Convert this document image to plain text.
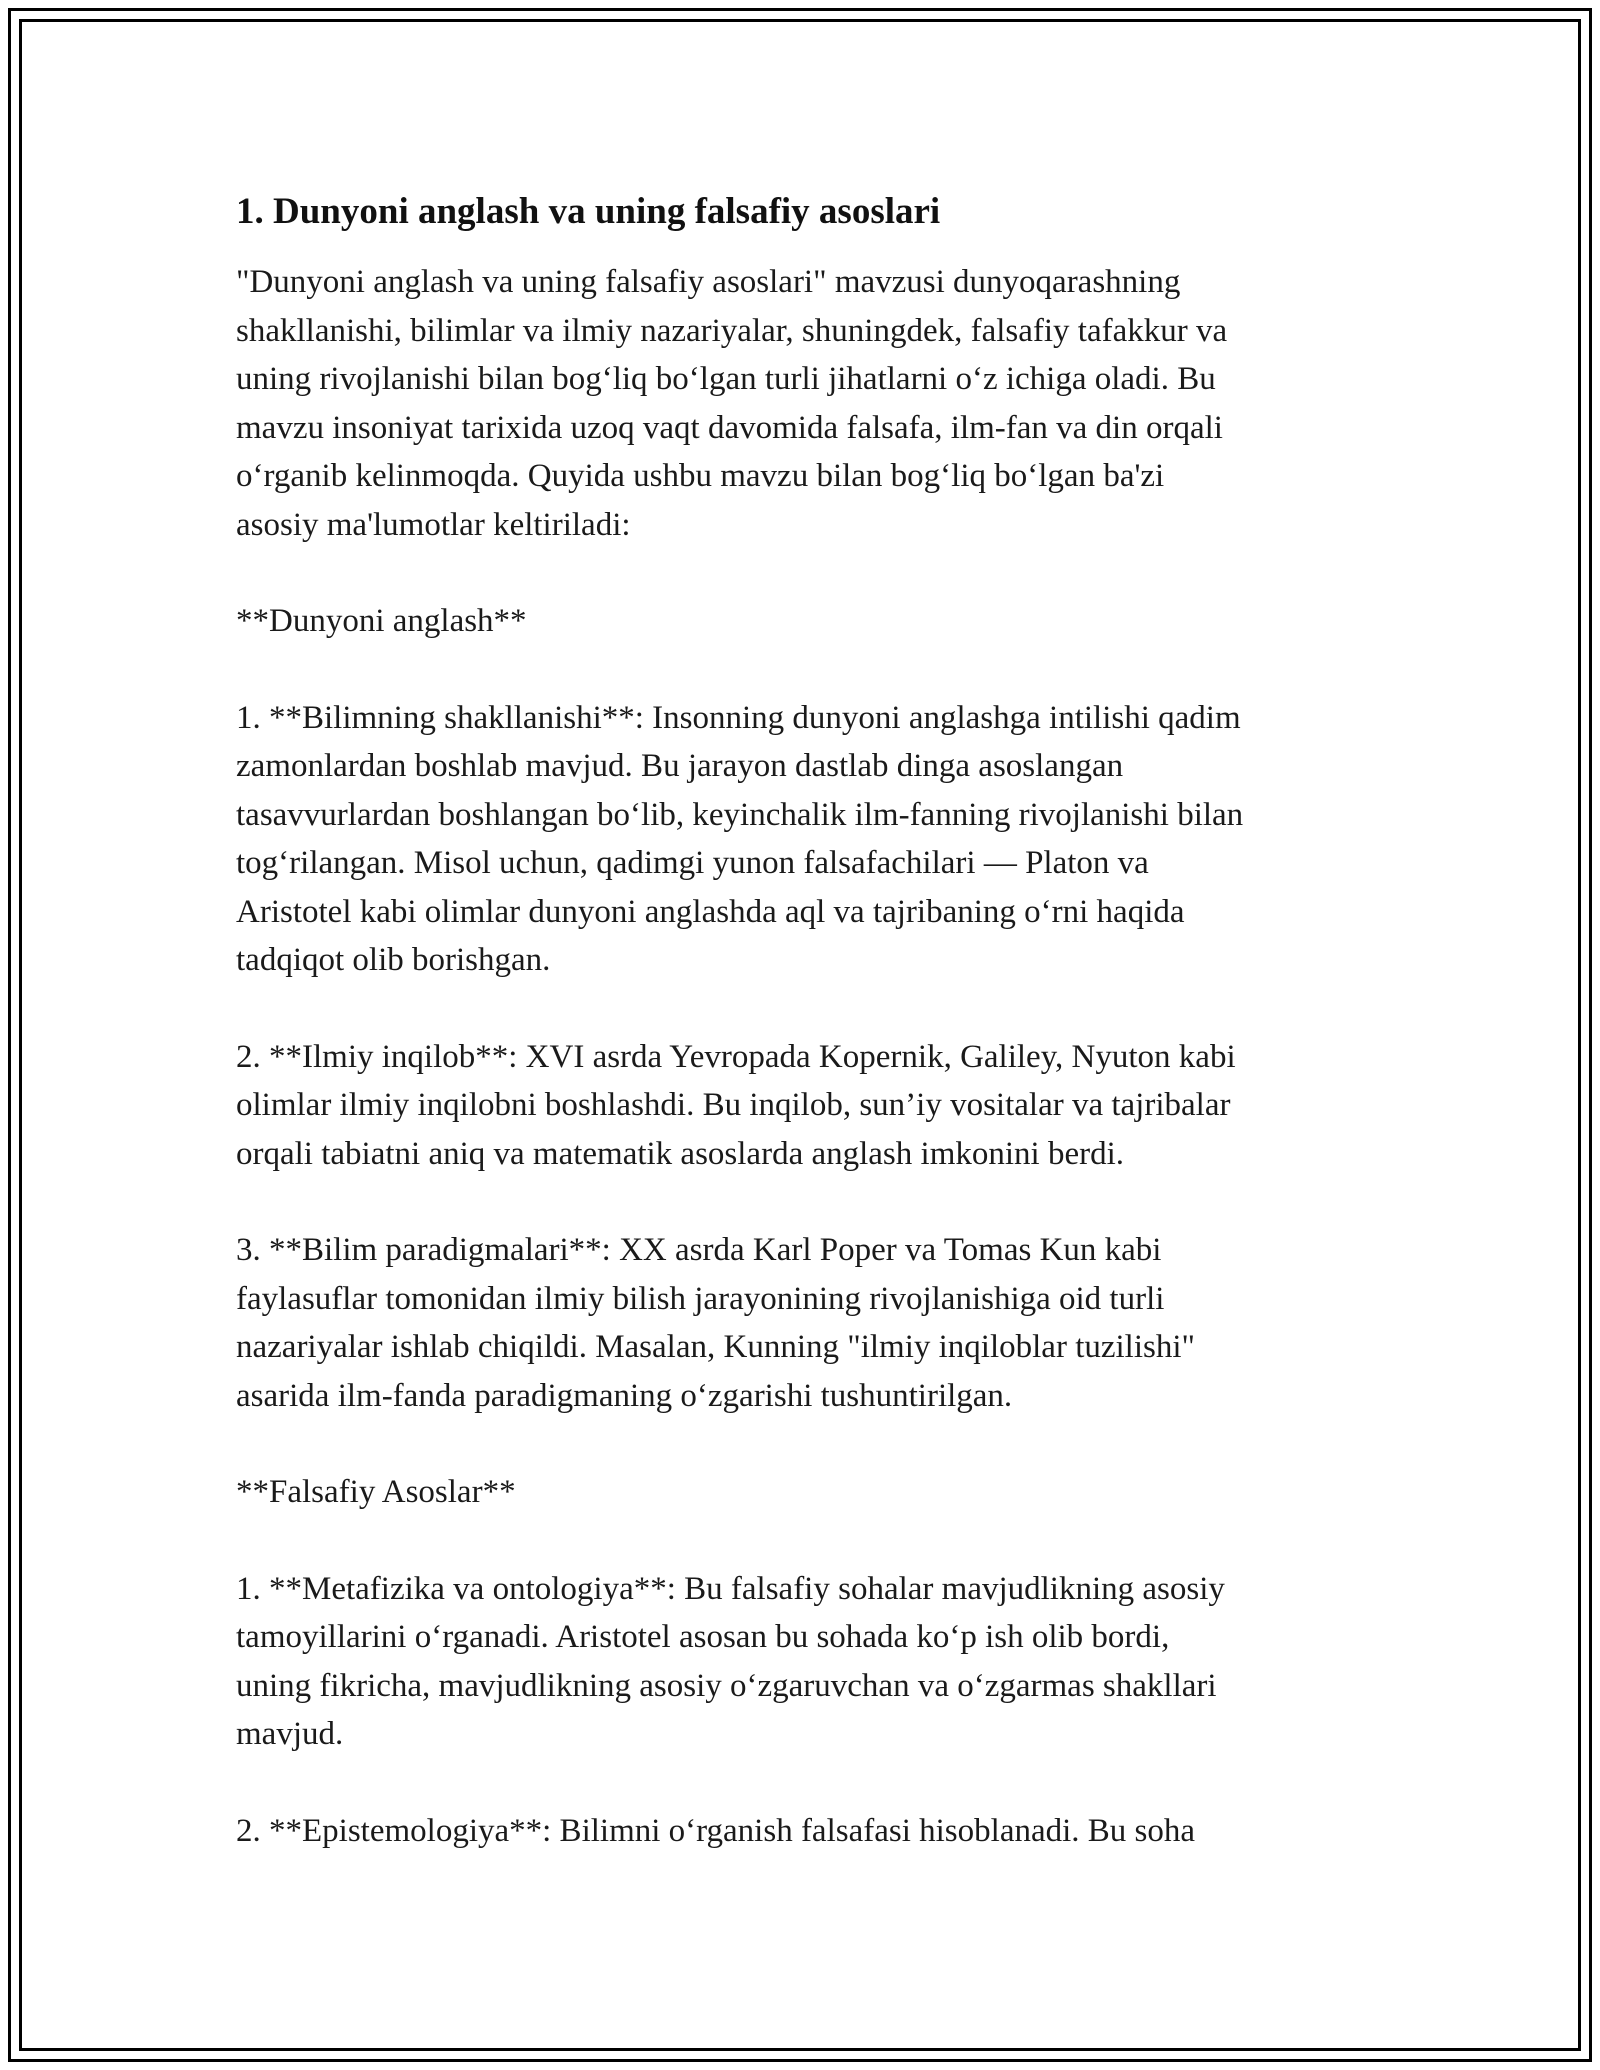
1. Dunyoni anglash va uning falsafiy asoslari
"Dunyoni anglash va uning falsafiy asoslari" mavzusi dunyoqarashning
shakllanishi, bilimlar va ilmiy nazariyalar, shuningdek, falsafiy tafakkur va
uning rivojlanishi bilan bog‘liq bo‘lgan turli jihatlarni o‘z ichiga oladi. Bu
mavzu insoniyat tarixida uzoq vaqt davomida falsafa, ilm-fan va din orqali
o‘rganib kelinmoqda. Quyida ushbu mavzu bilan bog‘liq bo‘lgan ba'zi
asosiy ma'lumotlar keltiriladi:
**Dunyoni anglash**
1. **Bilimning shakllanishi**: Insonning dunyoni anglashga intilishi qadim
zamonlardan boshlab mavjud. Bu jarayon dastlab dinga asoslangan
tasavvurlardan boshlangan bo‘lib, keyinchalik ilm-fanning rivojlanishi bilan
tog‘rilangan. Misol uchun, qadimgi yunon falsafachilari — Platon va
Aristotel kabi olimlar dunyoni anglashda aql va tajribaning o‘rni haqida
tadqiqot olib borishgan.
2. **Ilmiy inqilob**: XVI asrda Yevropada Kopernik, Galiley, Nyuton kabi
olimlar ilmiy inqilobni boshlashdi. Bu inqilob, sun’iy vositalar va tajribalar
orqali tabiatni aniq va matematik asoslarda anglash imkonini berdi.
3. **Bilim paradigmalari**: XX asrda Karl Poper va Tomas Kun kabi
faylasuflar tomonidan ilmiy bilish jarayonining rivojlanishiga oid turli
nazariyalar ishlab chiqildi. Masalan, Kunning "ilmiy inqiloblar tuzilishi"
asarida ilm-fanda paradigmaning o‘zgarishi tushuntirilgan.
**Falsafiy Asoslar**
1. **Metafizika va ontologiya**: Bu falsafiy sohalar mavjudlikning asosiy
tamoyillarini o‘rganadi. Aristotel asosan bu sohada ko‘p ish olib bordi,
uning fikricha, mavjudlikning asosiy o‘zgaruvchan va o‘zgarmas shakllari
mavjud.
2. **Epistemologiya**: Bilimni o‘rganish falsafasi hisoblanadi. Bu soha
